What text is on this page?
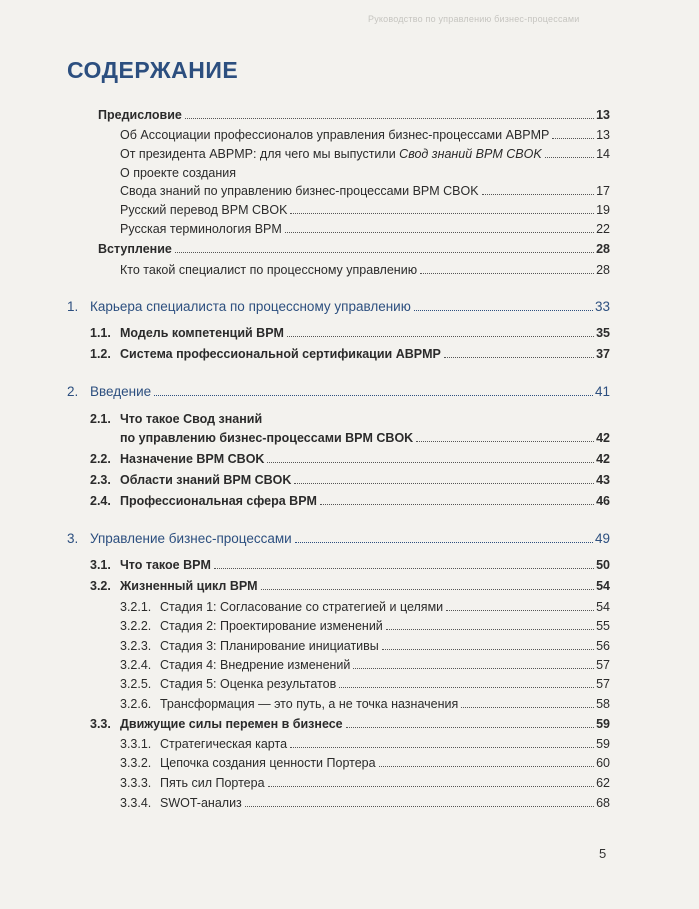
Руководство по управлению бизнес-процессами
СОДЕРЖАНИЕ
Предисловие	13
Об Ассоциации профессионалов управления бизнес-процессами ABPMP	13
От президента ABPMP: для чего мы выпустили Свод знаний BPM CBOK	14
О проекте создания
Свода знаний по управлению бизнес-процессами BPM CBOK	17
Русский перевод BPM CBOK	19
Русская терминология BPM	22
Вступление	28
Кто такой специалист по процессному управлению	28
1. Карьера специалиста по процессному управлению	33
1.1. Модель компетенций BPM	35
1.2. Система профессиональной сертификации ABPMP	37
2. Введение	41
2.1. Что такое Свод знаний
по управлению бизнес-процессами BPM CBOK	42
2.2. Назначение BPM CBOK	42
2.3. Области знаний BPM CBOK	43
2.4. Профессиональная сфера BPM	46
3. Управление бизнес-процессами	49
3.1. Что такое BPM	50
3.2. Жизненный цикл BPM	54
3.2.1. Стадия 1: Согласование со стратегией и целями	54
3.2.2. Стадия 2: Проектирование изменений	55
3.2.3. Стадия 3: Планирование инициативы	56
3.2.4. Стадия 4: Внедрение изменений	57
3.2.5. Стадия 5: Оценка результатов	57
3.2.6. Трансформация — это путь, а не точка назначения	58
3.3. Движущие силы перемен в бизнесе	59
3.3.1. Стратегическая карта	59
3.3.2. Цепочка создания ценности Портера	60
3.3.3. Пять сил Портера	62
3.3.4. SWOT-анализ	68
5
